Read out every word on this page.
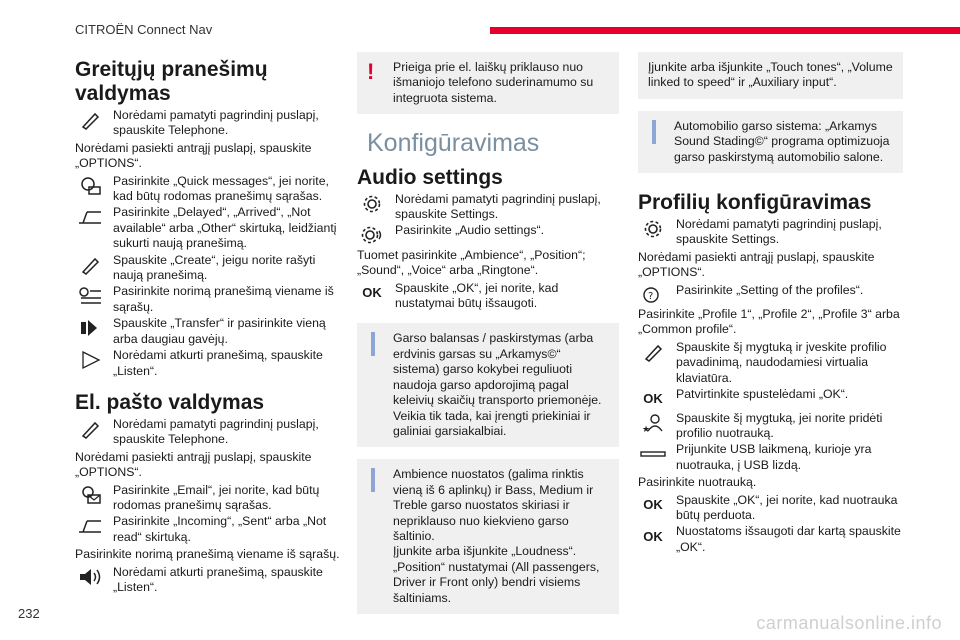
CITROËN Connect Nav
Greitųjų pranešimų valdymas
Norėdami pamatyti pagrindinį puslapį, spauskite Telephone.
Norėdami pasiekti antrąjį puslapį, spauskite „OPTIONS“.
Pasirinkite „Quick messages“, jei norite, kad būtų rodomas pranešimų sąrašas.
Pasirinkite „Delayed“, „Arrived“, „Not available“ arba „Other“ skirtuką, leidžiantį sukurti naują pranešimą.
Spauskite „Create“, jeigu norite rašyti naują pranešimą.
Pasirinkite norimą pranešimą viename iš sąrašų.
Spauskite „Transfer“ ir pasirinkite vieną arba daugiau gavėjų.
Norėdami atkurti pranešimą, spauskite „Listen“.
El. pašto valdymas
Norėdami pamatyti pagrindinį puslapį, spauskite Telephone.
Norėdami pasiekti antrąjį puslapį, spauskite „OPTIONS“.
Pasirinkite „Email“, jei norite, kad būtų rodomas pranešimų sąrašas.
Pasirinkite „Incoming“, „Sent“ arba „Not read“ skirtuką.
Pasirinkite norimą pranešimą viename iš sąrašų.
Norėdami atkurti pranešimą, spauskite „Listen“.
!	Prieiga prie el. laiškų priklauso nuo išmaniojo telefono suderinamumo su integruota sistema.
Konfigūravimas
Audio settings
Norėdami pamatyti pagrindinį puslapį, spauskite Settings.
Pasirinkite „Audio settings“.
Tuomet pasirinkite „Ambience“, „Position“; „Sound“, „Voice“ arba „Ringtone“.
OK	Spauskite „OK“, jei norite, kad nustatymai būtų išsaugoti.
Garso balansas / paskirstymas (arba erdvinis garsas su „Arkamys©“ sistema) garso kokybei reguliuoti naudoja garso apdorojimą pagal keleivių skaičių transporto priemonėje.
Veikia tik tada, kai įrengti priekiniai ir galiniai garsiakalbiai.
Ambience nuostatos (galima rinktis vieną iš 6 aplinkų) ir Bass, Medium ir Treble garso nuostatos skiriasi ir nepriklauso nuo kiekvieno garso šaltinio.
Įjunkite arba išjunkite „Loudness“.
„Position“ nustatymai (All passengers, Driver ir Front only) bendri visiems šaltiniams.
Įjunkite arba išjunkite „Touch tones“, „Volume linked to speed“ ir „Auxiliary input“.
Automobilio garso sistema: „Arkamys Sound Stading©“ programa optimizuoja garso paskirstymą automobilio salone.
Profilių konfigūravimas
Norėdami pamatyti pagrindinį puslapį, spauskite Settings.
Norėdami pasiekti antrąjį puslapį, spauskite „OPTIONS“.
? Pasirinkite „Setting of the profiles“.
Pasirinkite „Profile 1“, „Profile 2“, „Profile 3“ arba „Common profile“.
Spauskite šį mygtuką ir įveskite profilio pavadinimą, naudodamiesi virtualia klaviatūra.
OK	Patvirtinkite spustelėdami „OK“.
★
Spauskite šį mygtuką, jei norite pridėti profilio nuotrauką.
Prijunkite USB laikmeną, kurioje yra nuotrauka, į USB lizdą.
Pasirinkite nuotrauką.
OK	Spauskite „OK“, jei norite, kad nuotrauka būtų perduota.
OK	Nuostatoms išsaugoti dar kartą spauskite „OK“.
232	carmanualsonline.info
